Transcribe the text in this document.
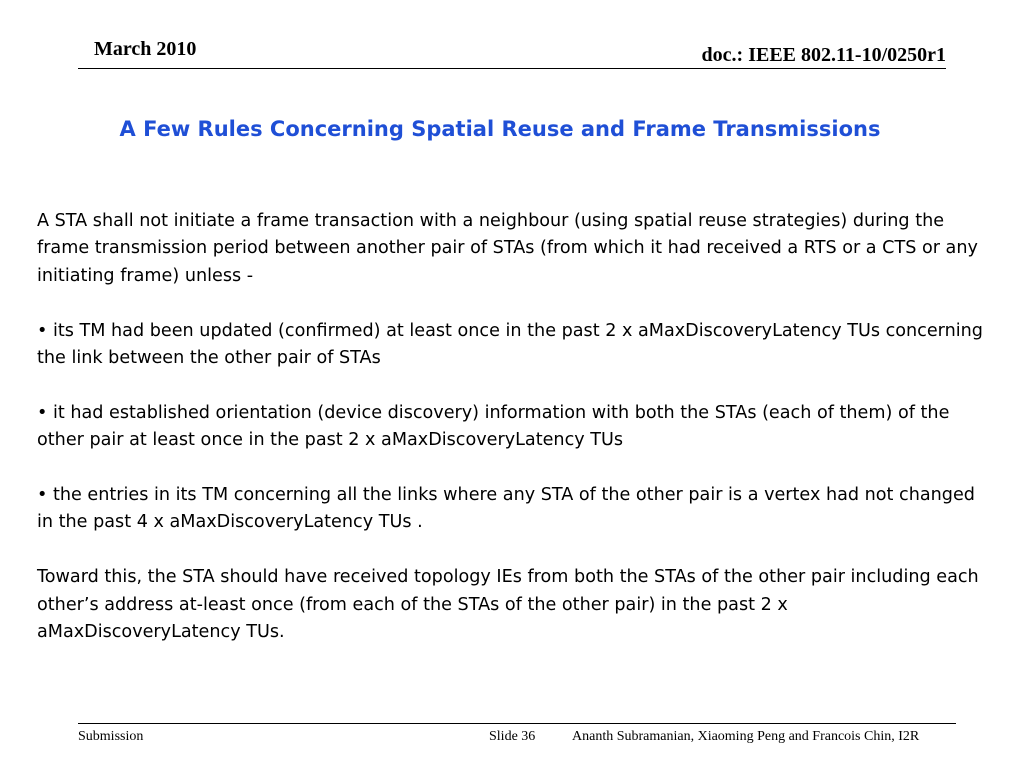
March 2010	doc.: IEEE 802.11-10/0250r1
A Few Rules Concerning Spatial Reuse and Frame Transmissions

A STA shall not initiate a frame transaction with a neighbour (using spatial reuse strategies) during the frame transmission period between another pair of STAs (from which it had received a RTS or a CTS or any initiating frame) unless -

• its TM had been updated (confirmed) at least once in the past 2 x aMaxDiscoveryLatency TUs concerning the link between the other pair of STAs

• it had established orientation (device discovery) information with both the STAs (each of them) of the other pair at least once in the past 2 x aMaxDiscoveryLatency TUs

• the entries in its TM concerning all the links where any STA of the other pair is a vertex had not changed in the past 4 x aMaxDiscoveryLatency TUs .

Toward this, the STA should have received topology IEs from both the STAs of the other pair including each other’s address at-least once (from each of the STAs of the other pair) in the past 2 x aMaxDiscoveryLatency TUs.

Submission	Slide 36	Ananth Subramanian, Xiaoming Peng and Francois Chin, I2R
